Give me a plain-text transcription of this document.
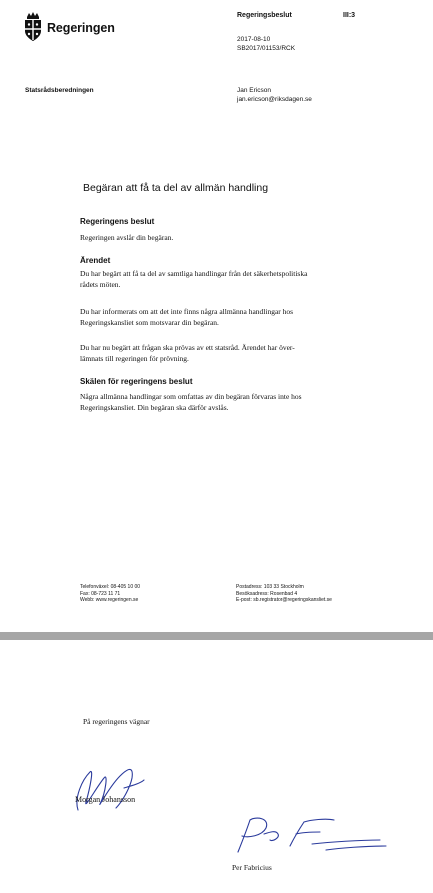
Regeringen
Regeringsbeslut	III:3
2017-08-10
SB2017/01153/RCK
Statsrådsberedningen	Jan Ericson
jan.ericson@riksdagen.se
Begäran att få ta del av allmän handling
Regeringens beslut
Regeringen avslår din begäran.
Ärendet
Du har begärt att få ta del av samtliga handlingar från det säkerhetspolitiska
rådets möten.
Du har informerats om att det inte finns några allmänna handlingar hos
Regeringskansliet som motsvarar din begäran.
Du har nu begärt att frågan ska prövas av ett statsråd. Ärendet har över-
lämnats till regeringen för prövning.
Skälen för regeringens beslut
Några allmänna handlingar som omfattas av din begäran förvaras inte hos
Regeringskansliet. Din begäran ska därför avslås.
Telefonväxel: 08-405 10 00
Fax: 08-723 11 71
Webb: www.regeringen.se
Postadress: 103 33 Stockholm
Besöksadress: Rosenbad 4
E-post: sb.registrator@regeringskansliet.se
På regeringens vägnar
Morgan Johansson
Per Fabricius
